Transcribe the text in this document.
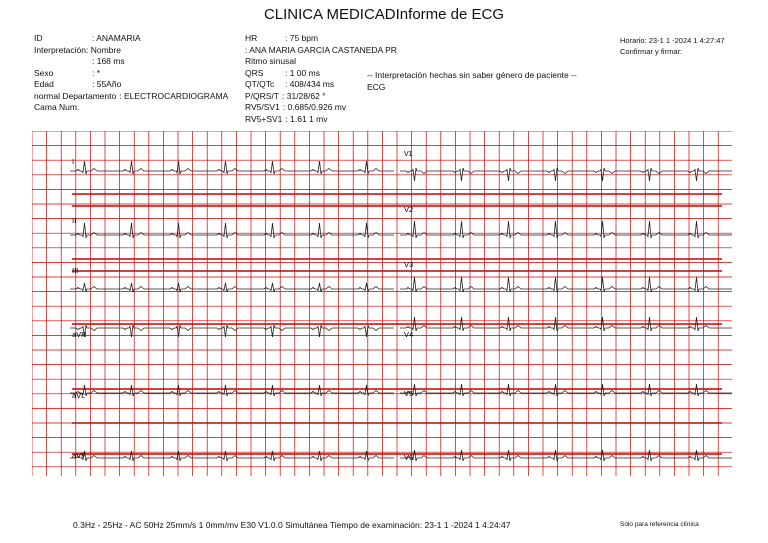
CLINICA MEDICADInforme de ECG
ID	: ANAMARIA
Interpretación: Nombre
: 168 ms
Sexo	: *
Edad	: 55Año
normal Departamento : ELECTROCARDIOGRAMA
Cama Num.
HR	: 75 bpm
: ANA MARIA GARCIA CASTANEDA PR
Ritmo sinusal
QRS	: 1 00 ms
QT/QTc	: 408/434 ms
P/QRS/T : 31/28/62 °
RV5/SV1 : 0.685/0.926 mv
RV5+SV1 : 1.61 1 mv
-- Interpretación hechas sin saber género de paciente --
ECG
Horario: 23-1 1 -2024 1 4:27:47
Confirmar y firmar:
I
II
III
aVR
aVL
aVF
V1
V2
V3
V4
V5
V6
0.3Hz - 25Hz - AC 50Hz 25mm/s 1 0mm/mv E30 V1.0.0 Simultánea Tiempo de examinación: 23-1 1 -2024 1 4:24:47	Sólo para referencia clínica
